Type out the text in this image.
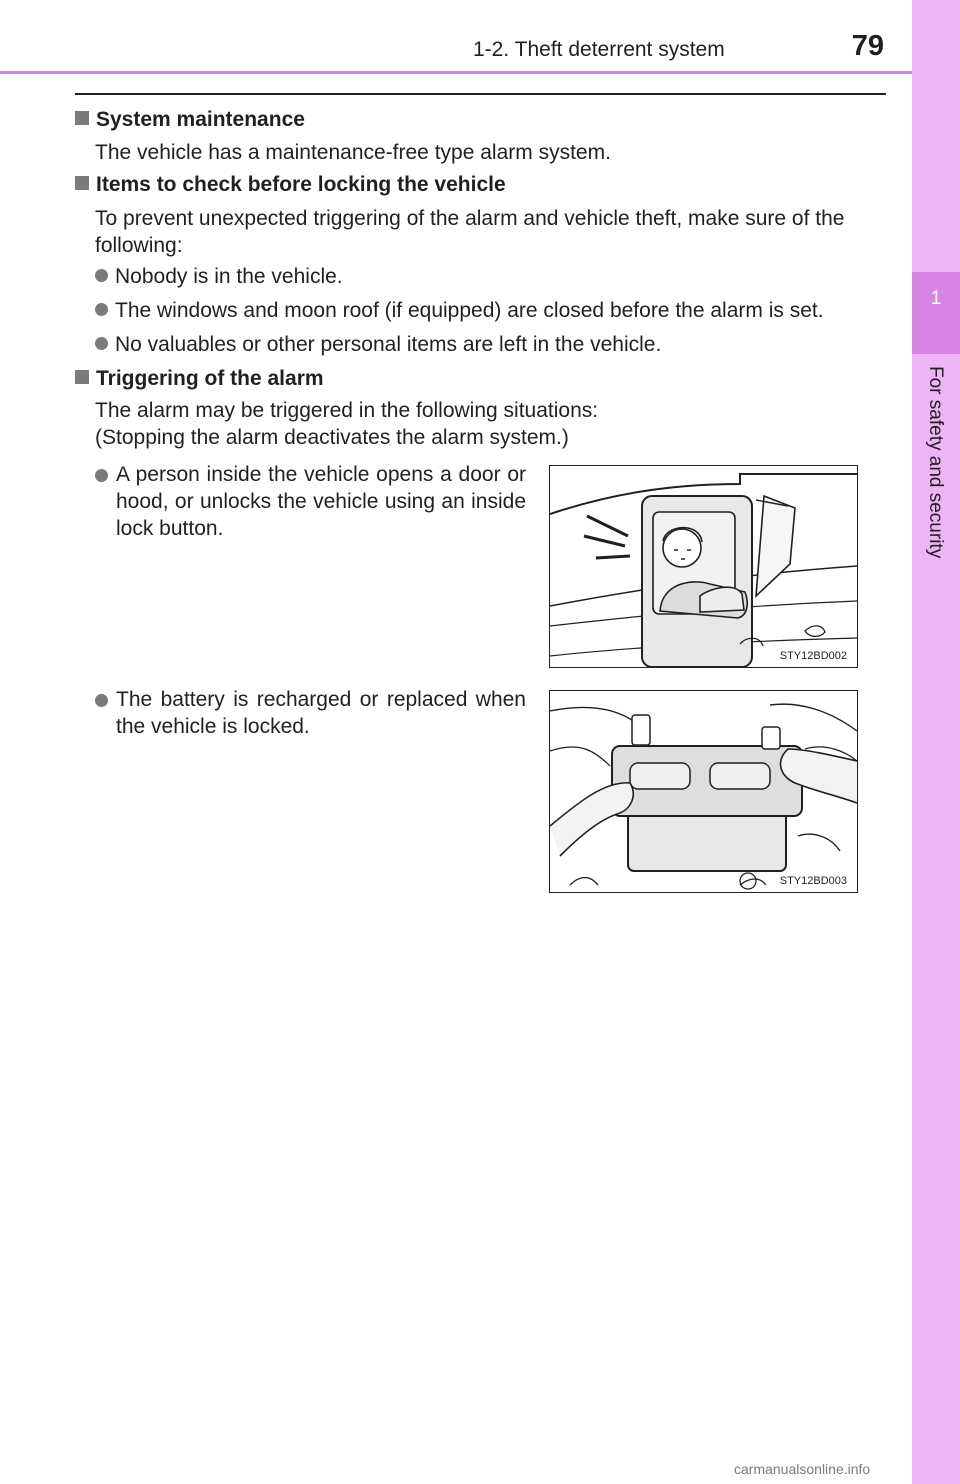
1-2. Theft deterrent system	79
1
For safety and security
System maintenance
The vehicle has a maintenance-free type alarm system.
Items to check before locking the vehicle
To prevent unexpected triggering of the alarm and vehicle theft, make sure of the following:
Nobody is in the vehicle.
The windows and moon roof (if equipped) are closed before the alarm is set.
No valuables or other personal items are left in the vehicle.
Triggering of the alarm
The alarm may be triggered in the following situations:
(Stopping the alarm deactivates the alarm system.)
A person inside the vehicle opens a door or hood, or unlocks the vehicle using an inside lock button.
STY12BD002
The battery is recharged or replaced when the vehicle is locked.
STY12BD003
carmanualsonline.info
